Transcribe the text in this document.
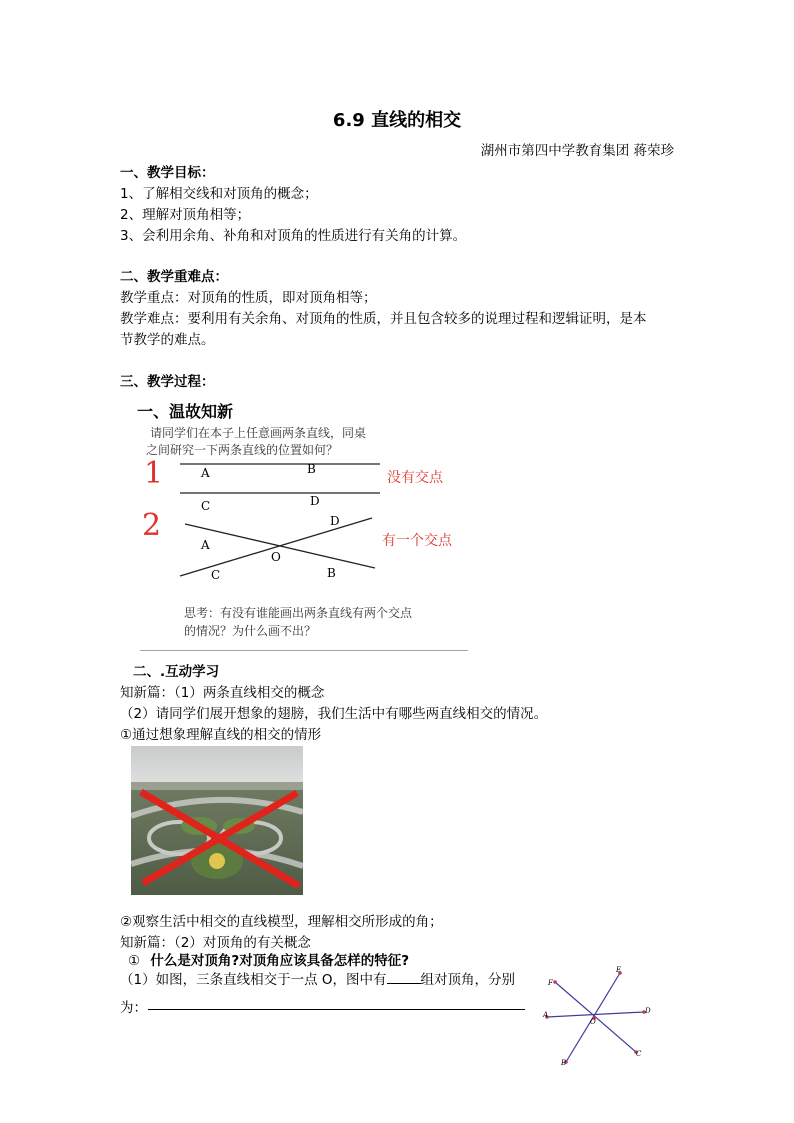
6.9 直线的相交
湖州市第四中学教育集团 蒋荣珍
一、教学目标：
1、了解相交线和对顶角的概念；
2、理解对顶角相等；
3、会利用余角、补角和对顶角的性质进行有关角的计算。
二、教学重难点：
教学重点：对顶角的性质，即对顶角相等；
教学难点：要利用有关余角、对顶角的性质，并且包含较多的说理过程和逻辑证明，是本
节教学的难点。
三、教学过程：
一、温故知新
请同学们在本子上任意画两条直线，同桌
之间研究一下两条直线的位置如何？
1
2
A	B
C	D
A
B
C
D
O
没有交点
有一个交点
思考：有没有谁能画出两条直线有两个交点
的情况？为什么画不出？
二、.互动学习
知新篇：（1）两条直线相交的概念
（2）请同学们展开想象的翅膀，我们生活中有哪些两直线相交的情况。
①通过想象理解直线的相交的情形
②观察生活中相交的直线模型，理解相交所形成的角；
知新篇：（2）对顶角的有关概念
① 什么是对顶角?对顶角应该具备怎样的特征?
（1）如图，三条直线相交于一点 O，图中有	组对顶角，分别
为：	A
B
C
D
E
F
O
